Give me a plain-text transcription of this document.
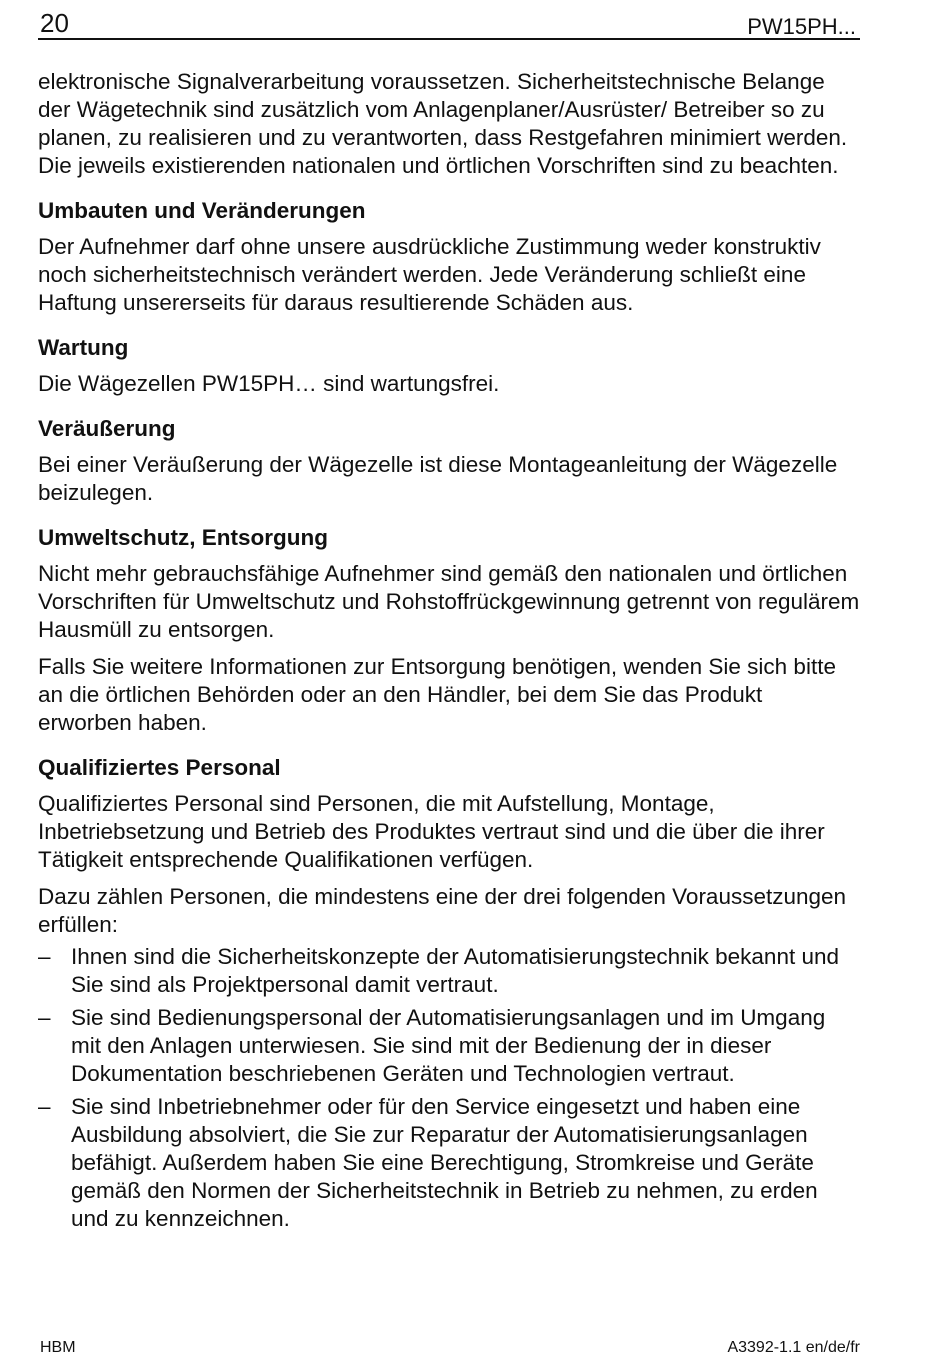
20	PW15PH...

elektronische Signalverarbeitung voraussetzen. Sicherheitstechnische Belange der Wägetechnik sind zusätzlich vom Anlagenplaner/Ausrüster/ Betreiber so zu planen, zu realisieren und zu verantworten, dass Restgefahren minimiert werden. Die jeweils existierenden nationalen und örtlichen Vorschriften sind zu beachten.

Umbauten und Veränderungen

Der Aufnehmer darf ohne unsere ausdrückliche Zustimmung weder konstruktiv noch sicherheitstechnisch verändert werden. Jede Veränderung schließt eine Haftung unsererseits für daraus resultierende Schäden aus.

Wartung

Die Wägezellen PW15PH… sind wartungsfrei.

Veräußerung

Bei einer Veräußerung der Wägezelle ist diese Montageanleitung der Wägezelle beizulegen.

Umweltschutz, Entsorgung

Nicht mehr gebrauchsfähige Aufnehmer sind gemäß den nationalen und örtlichen Vorschriften für Umweltschutz und Rohstoffrückgewinnung getrennt von regulärem Hausmüll zu entsorgen.

Falls Sie weitere Informationen zur Entsorgung benötigen, wenden Sie sich bitte an die örtlichen Behörden oder an den Händler, bei dem Sie das Produkt erworben haben.

Qualifiziertes Personal

Qualifiziertes Personal sind Personen, die mit Aufstellung, Montage, Inbetriebsetzung und Betrieb des Produktes vertraut sind und die über die ihrer Tätigkeit entsprechende Qualifikationen verfügen.

Dazu zählen Personen, die mindestens eine der drei folgenden Voraussetzungen erfüllen:

– Ihnen sind die Sicherheitskonzepte der Automatisierungstechnik bekannt und Sie sind als Projektpersonal damit vertraut.
– Sie sind Bedienungspersonal der Automatisierungsanlagen und im Umgang mit den Anlagen unterwiesen. Sie sind mit der Bedienung der in dieser Dokumentation beschriebenen Geräten und Technologien vertraut.
– Sie sind Inbetriebnehmer oder für den Service eingesetzt und haben eine Ausbildung absolviert, die Sie zur Reparatur der Automatisierungsanlagen befähigt. Außerdem haben Sie eine Berechtigung, Stromkreise und Geräte gemäß den Normen der Sicherheitstechnik in Betrieb zu nehmen, zu erden und zu kennzeichnen.
HBM	A3392-1.1 en/de/fr
